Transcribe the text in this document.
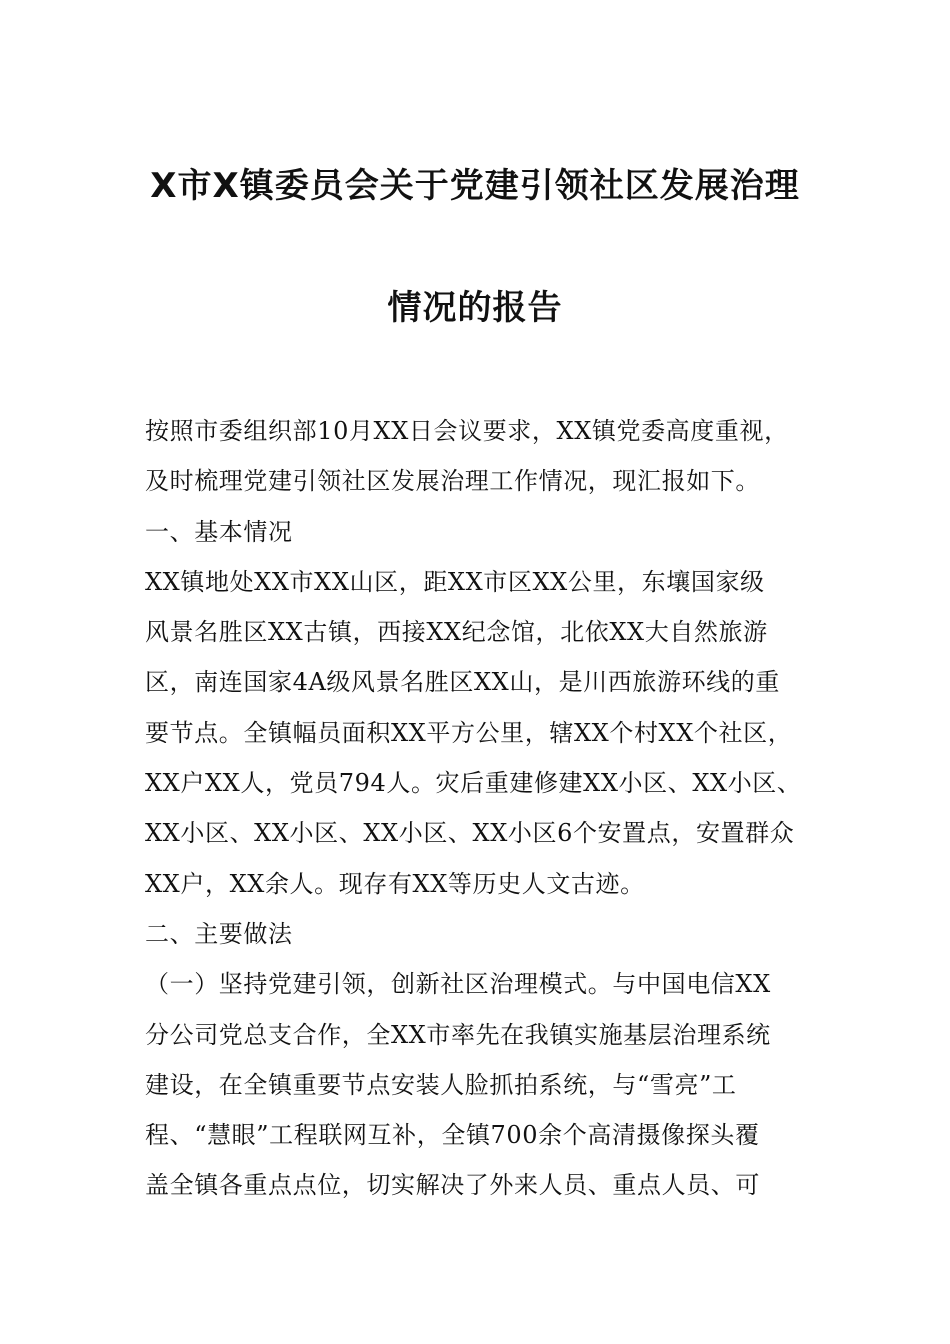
X市X镇委员会关于党建引领社区发展治理
情况的报告
按照市委组织部10月XX日会议要求，XX镇党委高度重视，
及时梳理党建引领社区发展治理工作情况，现汇报如下。
一、基本情况
XX镇地处XX市XX山区，距XX市区XX公里，东壤国家级
风景名胜区XX古镇，西接XX纪念馆，北依XX大自然旅游
区，南连国家4A级风景名胜区XX山，是川西旅游环线的重
要节点。全镇幅员面积XX平方公里，辖XX个村XX个社区，
XX户XX人，党员794人。灾后重建修建XX小区、XX小区、
XX小区、XX小区、XX小区、XX小区6个安置点，安置群众
XX户，XX余人。现存有XX等历史人文古迹。
二、主要做法
（一）坚持党建引领，创新社区治理模式。与中国电信XX
分公司党总支合作，全XX市率先在我镇实施基层治理系统
建设，在全镇重要节点安装人脸抓拍系统，与“雪亮”工
程、“慧眼”工程联网互补，全镇700余个高清摄像探头覆
盖全镇各重点点位，切实解决了外来人员、重点人员、可
